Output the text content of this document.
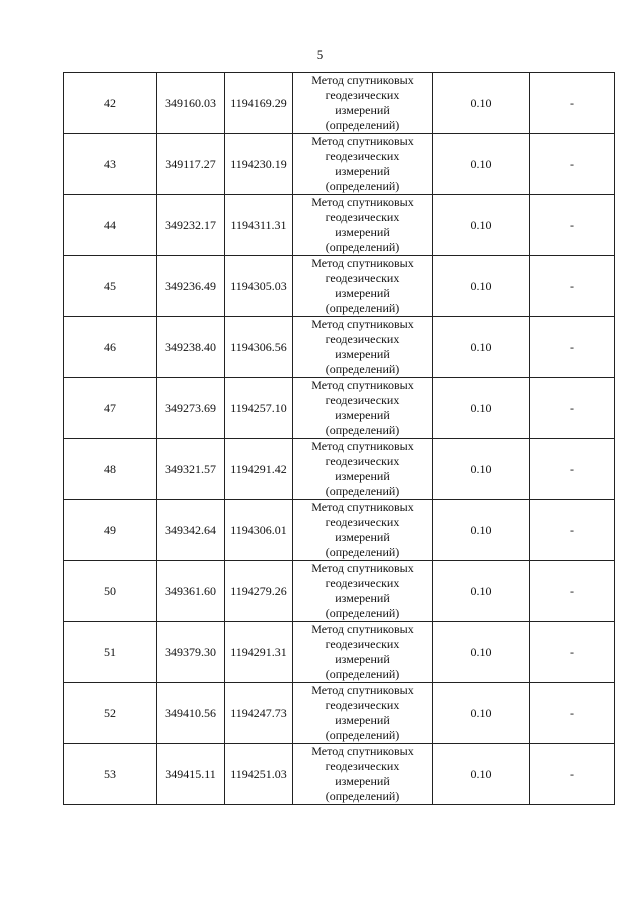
5
42	349160.03	1194169.29	Метод спутниковых
геодезических
измерений
(определений)	0.10	-
43	349117.27	1194230.19	Метод спутниковых
геодезических
измерений
(определений)	0.10	-
44	349232.17	1194311.31	Метод спутниковых
геодезических
измерений
(определений)	0.10	-
45	349236.49	1194305.03	Метод спутниковых
геодезических
измерений
(определений)	0.10	-
46	349238.40	1194306.56	Метод спутниковых
геодезических
измерений
(определений)	0.10	-
47	349273.69	1194257.10	Метод спутниковых
геодезических
измерений
(определений)	0.10	-
48	349321.57	1194291.42	Метод спутниковых
геодезических
измерений
(определений)	0.10	-
49	349342.64	1194306.01	Метод спутниковых
геодезических
измерений
(определений)	0.10	-
50	349361.60	1194279.26	Метод спутниковых
геодезических
измерений
(определений)	0.10	-
51	349379.30	1194291.31	Метод спутниковых
геодезических
измерений
(определений)	0.10	-
52	349410.56	1194247.73	Метод спутниковых
геодезических
измерений
(определений)	0.10	-
53	349415.11	1194251.03	Метод спутниковых
геодезических
измерений
(определений)	0.10	-
